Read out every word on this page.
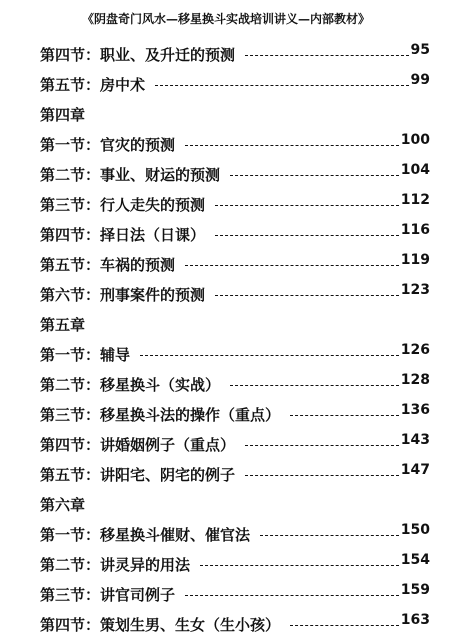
《阴盘奇门风水—移星换斗实战培训讲义—内部教材》
第四节： 职业、及升迁的预测	95
第五节： 房中术	99
第四章
第一节： 官灾的预测	100
第二节： 事业、财运的预测	104
第三节： 行人走失的预测	112
第四节： 择日法（日课）	116
第五节： 车祸的预测	119
第六节： 刑事案件的预测	123
第五章
第一节： 辅导	126
第二节： 移星换斗（实战）	128
第三节： 移星换斗法的操作（重点）	136
第四节： 讲婚姻例子（重点）	143
第五节： 讲阳宅、阴宅的例子	147
第六章
第一节： 移星换斗催财、催官法	150
第二节： 讲灵异的用法	154
第三节： 讲官司例子	159
第四节： 策划生男、生女（生小孩）	163
